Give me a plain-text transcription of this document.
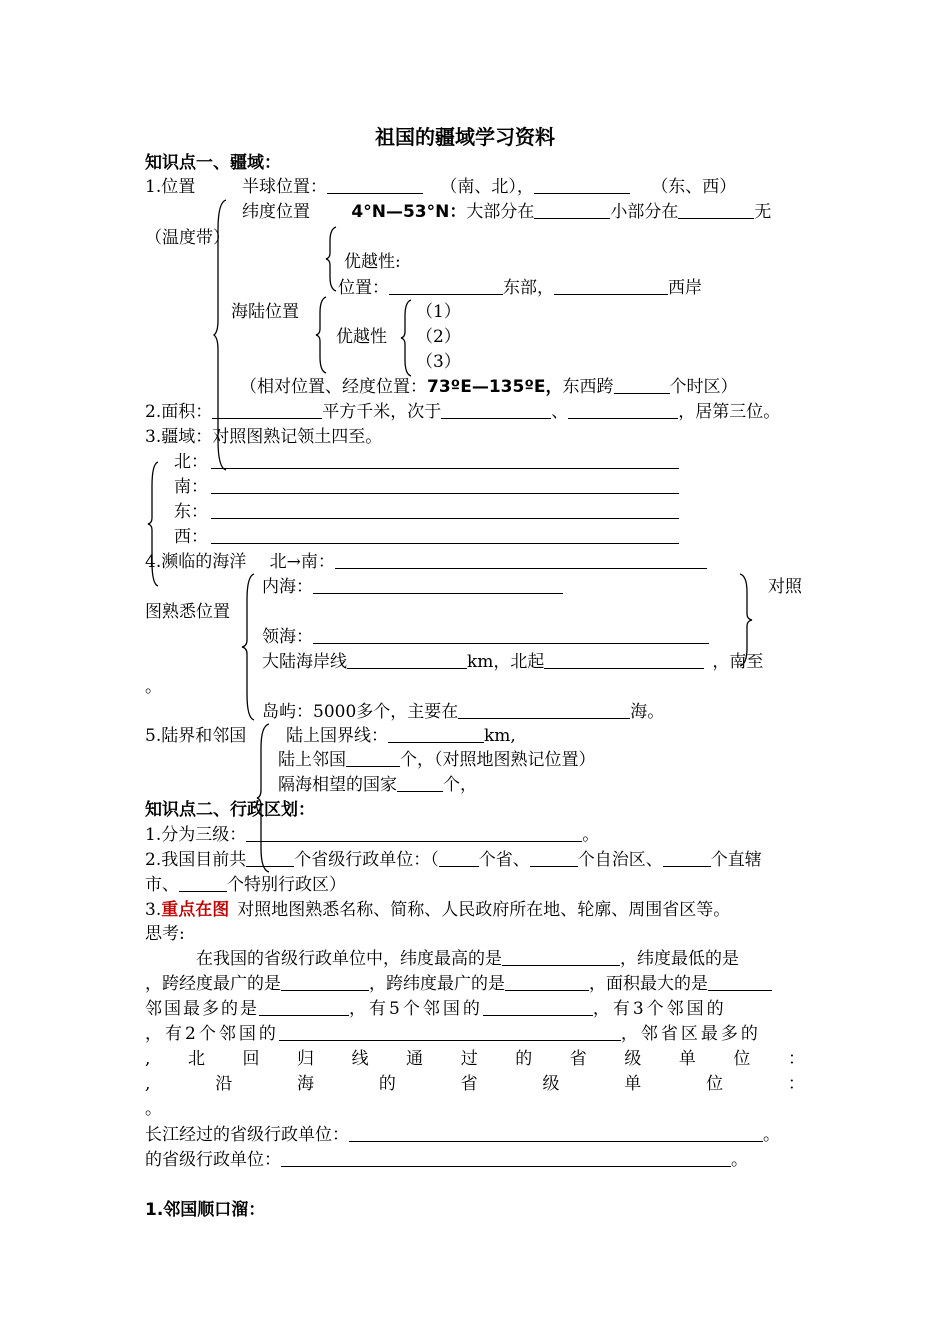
祖国的疆域学习资料
知识点一、疆域：
1.位置	半球位置：	（南、北），	（东、西）
纬度位置 4°N—53°N：大部分在	小部分在	无
（温度带）
优越性:
位置：	东部，	西岸
海陆位置
优越性
（1）
（2）
（3）
（相对位置、经度位置：73ºE—135ºE，东西跨	个时区）
2.面积：	平方千米，次于	、	，居第三位。
3.疆域：对照图熟记领土四至。
北：
南：
东：
西：
4.濒临的海洋 北→南：
内海：	对照
图熟悉位置
领海：
大陆海岸线	km，北起	，南至
。
岛屿：5000多个，主要在	海。
5.陆界和邻国 陆上国界线：	km,
陆上邻国	个，（对照地图熟记位置）
隔海相望的国家	个，
知识点二、行政区划：
1.分为三级：	。
2.我国目前共	个省级行政单位：（ 个省、	个自治区、	个直辖
市、	个特别行政区）
3.重点在图 对照地图熟悉名称、简称、人民政府所在地、轮廓、周围省区等。
思考:
在我国的省级行政单位中，纬度最高的是	，纬度最低的是
，跨经度最广的是	，跨纬度最广的是	，面积最大的是
邻国最多的是	，有5个邻国的	，有3个邻国的
，有2个邻国的	，邻省区最多的
, 北 回 归 线 通 过 的 省 级 单 位 ：
,	沿	海	的	省	级	单	位	：
。
长江经过的省级行政单位：	。
的省级行政单位：	。
1.邻国顺口溜：
